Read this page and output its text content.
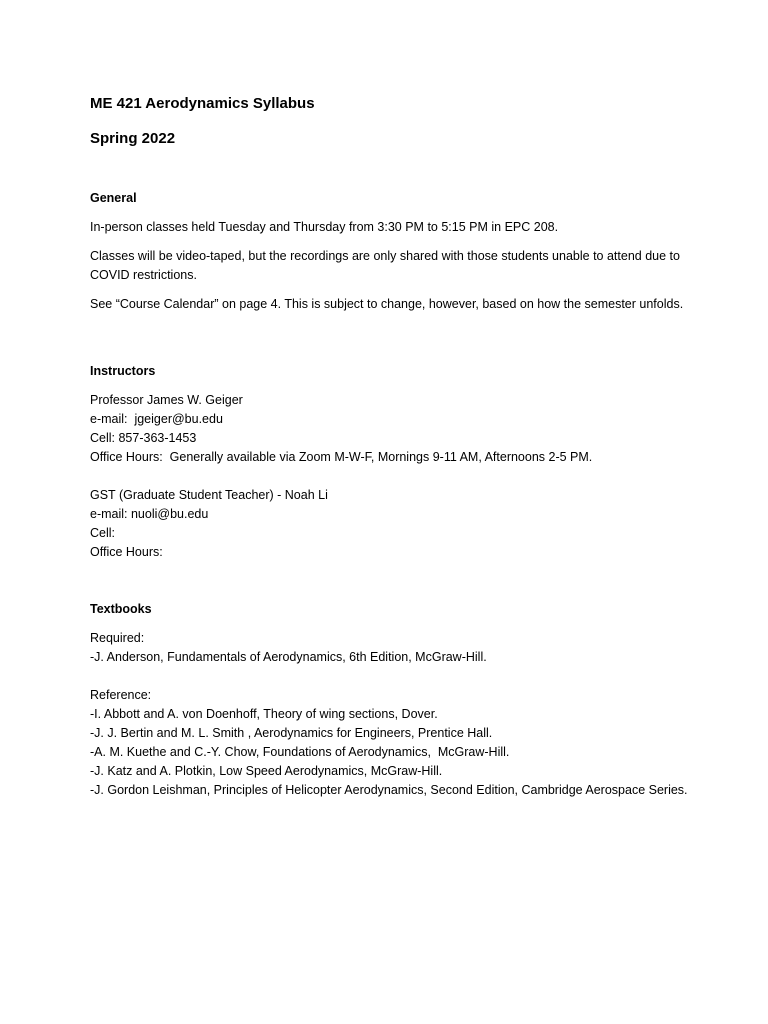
ME 421 Aerodynamics Syllabus
Spring 2022
General

In-person classes held Tuesday and Thursday from 3:30 PM to 5:15 PM in EPC 208.

Classes will be video-taped, but the recordings are only shared with those students unable to attend due to COVID restrictions.

See “Course Calendar” on page 4. This is subject to change, however, based on how the semester unfolds.

Instructors
Professor James W. Geiger
e-mail:  jgeiger@bu.edu
Cell: 857-363-1453
Office Hours:  Generally available via Zoom M-W-F, Mornings 9-11 AM, Afternoons 2-5 PM.
GST (Graduate Student Teacher) - Noah Li
e-mail: nuoli@bu.edu
Cell:
Office Hours:
Textbooks
Required:
-J. Anderson, Fundamentals of Aerodynamics, 6th Edition, McGraw-Hill.
Reference:
-I. Abbott and A. von Doenhoff, Theory of wing sections, Dover.
-J. J. Bertin and M. L. Smith , Aerodynamics for Engineers, Prentice Hall.
-A. M. Kuethe and C.-Y. Chow, Foundations of Aerodynamics,  McGraw-Hill.
-J. Katz and A. Plotkin, Low Speed Aerodynamics, McGraw-Hill.
-J. Gordon Leishman, Principles of Helicopter Aerodynamics, Second Edition, Cambridge Aerospace Series.
